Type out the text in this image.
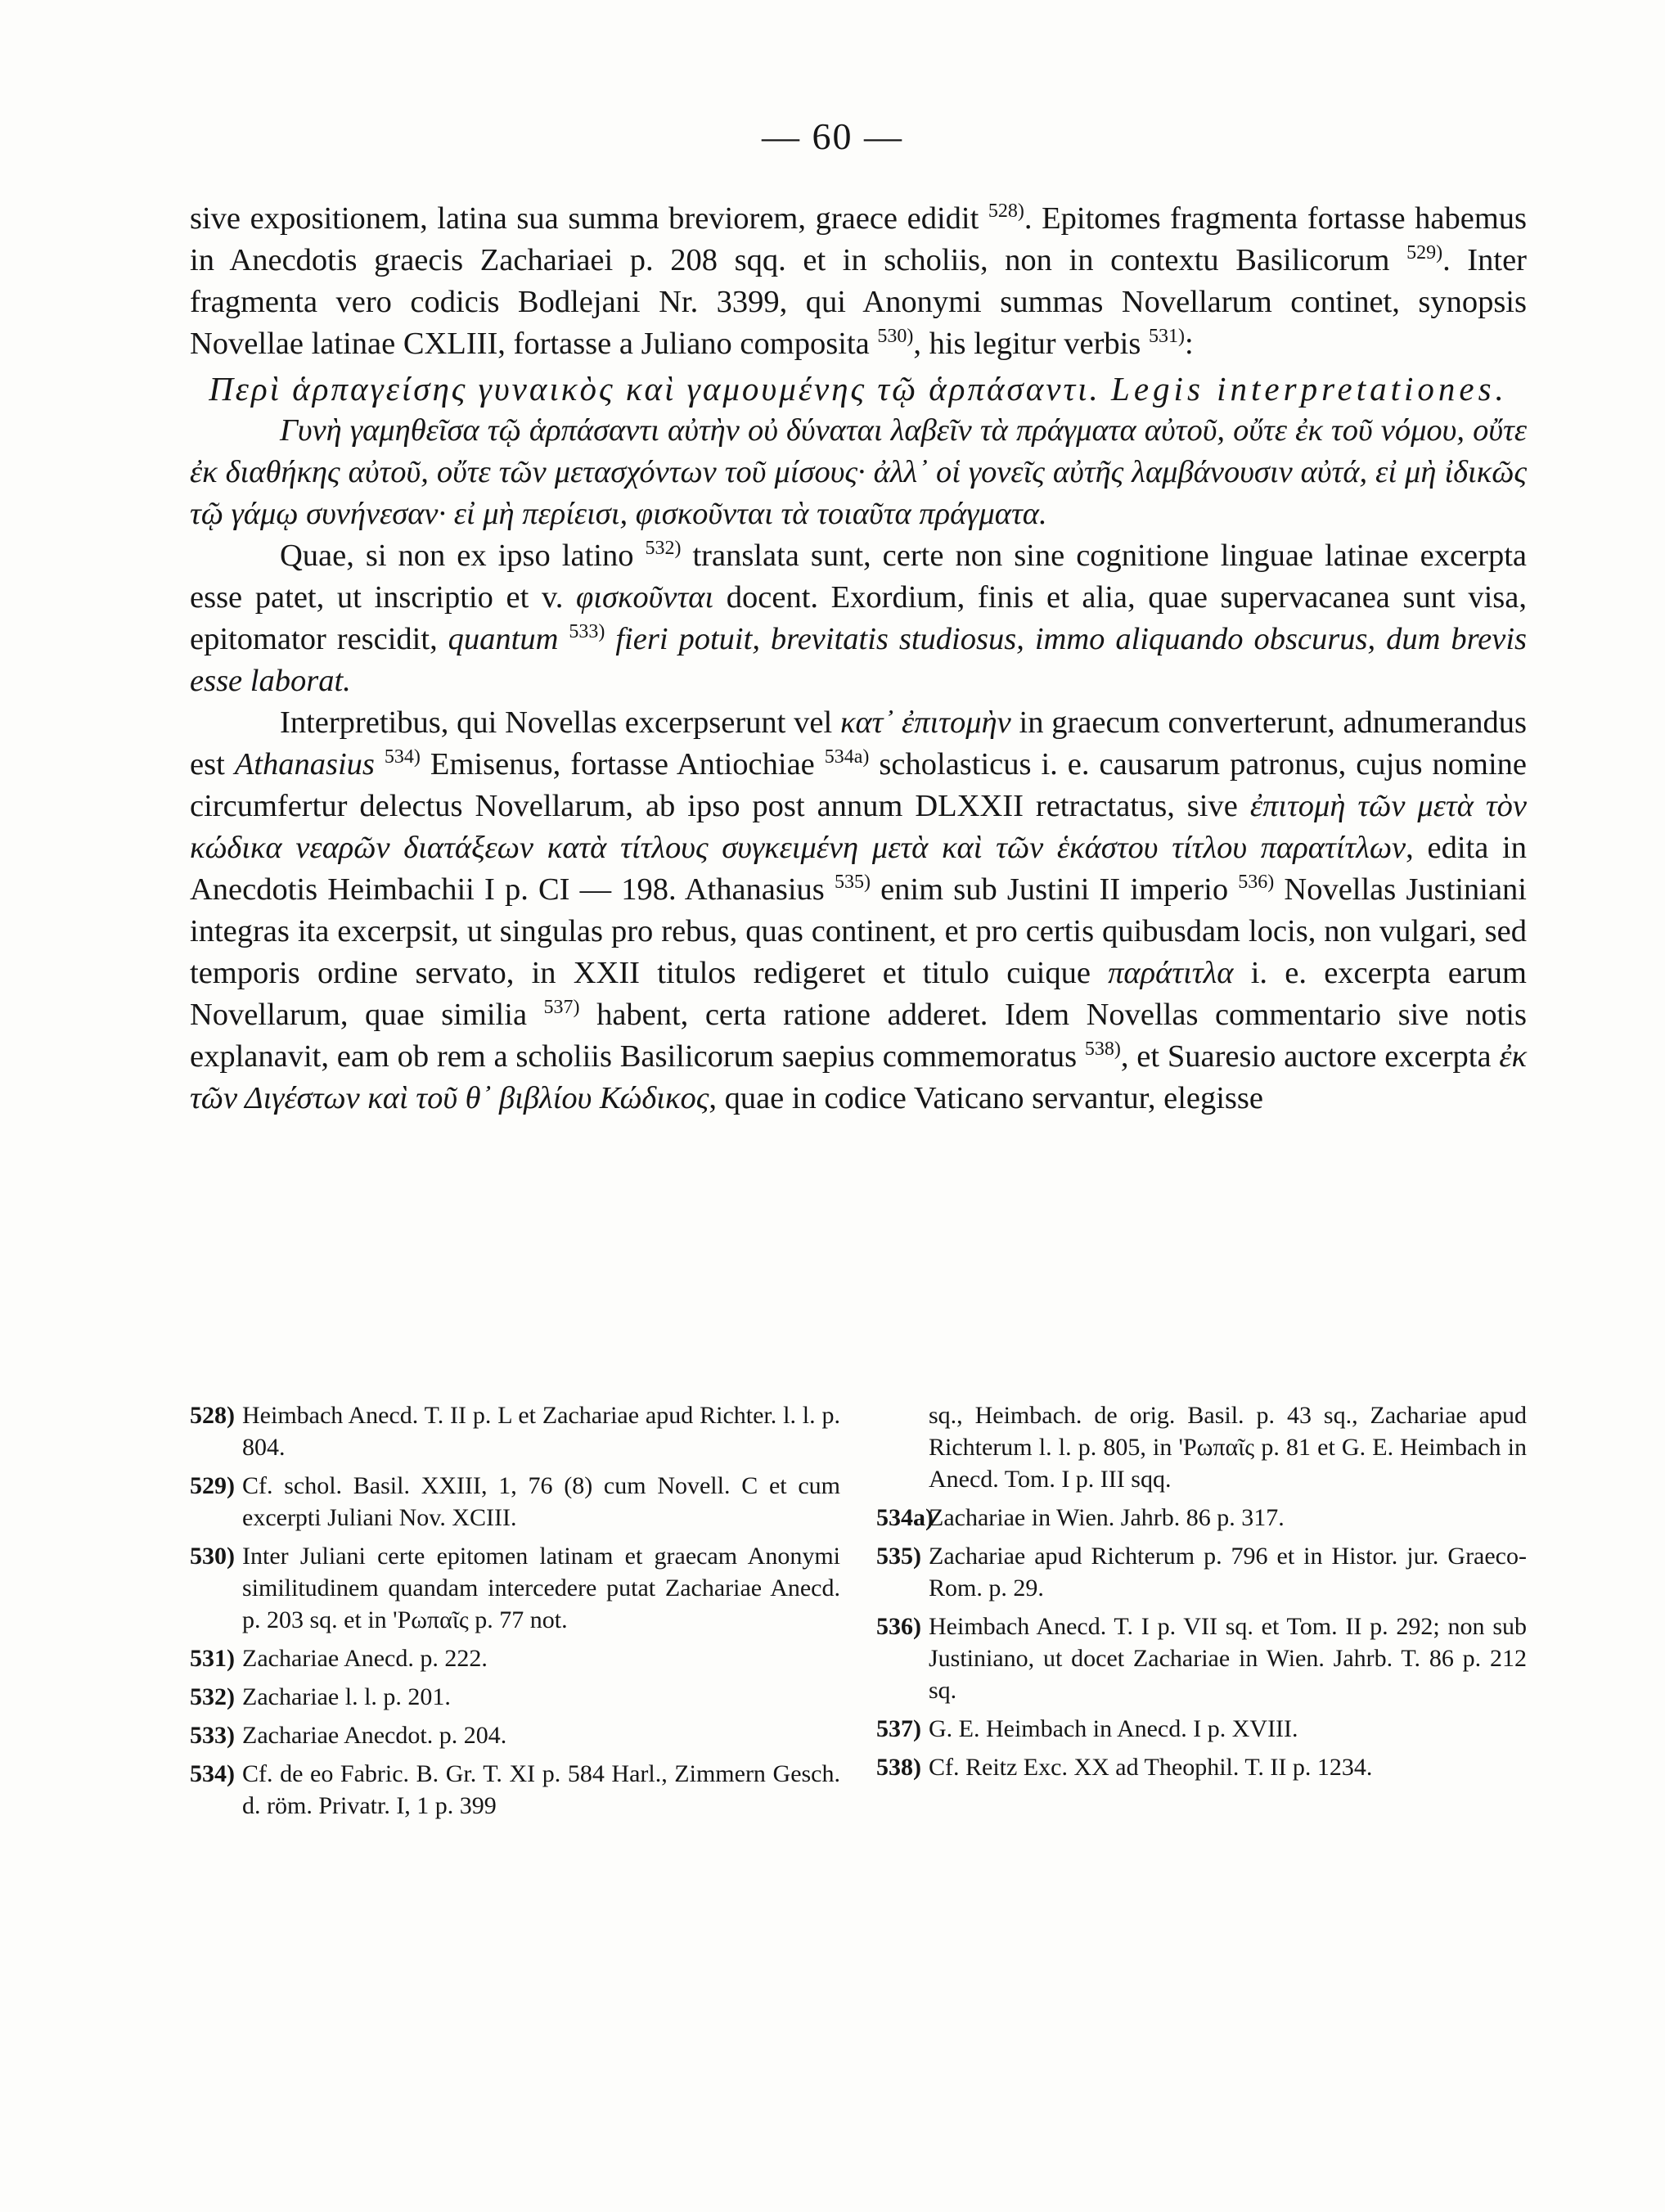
— 60 —

sive expositionem, latina sua summa breviorem, graece edidit $^{528)}$. Epitomes fragmenta fortasse habemus in Anecdotis graecis Zachariaei p. 208 sqq. et in scholiis, non in contextu Basilicorum $^{529)}$. Inter fragmenta vero codicis Bodlejani Nr. 3399, qui Anonymi summas Novellarum continet, synopsis Novellae latinae CXLIII, fortasse a Juliano composita $^{530)}$, his legitur verbis $^{531)}$:

Περὶ ἁρπαγείσης γυναικὸς καὶ γαμουμένης τῷ ἁρπάσαντι. Legis interpretationes.

Γυνὴ γαμηθεῖσα τῷ ἁρπάσαντι αὐτὴν οὐ δύναται λαβεῖν τὰ πράγματα αὐτοῦ, οὔτε ἐκ τοῦ νόμου, οὔτε ἐκ διαθήκης αὐτοῦ, οὔτε τῶν μετασχόντων τοῦ μίσους· ἀλλ᾽ οἱ γονεῖς αὐτῆς λαμβάνουσιν αὐτά, εἰ μὴ ἰδικῶς τῷ γάμῳ συνήνεσαν· εἰ μὴ περίεισι, φισκοῦνται τὰ τοιαῦτα πράγματα.

Quae, si non ex ipso latino $^{532)}$ translata sunt, certe non sine cognitione linguae latinae excerpta esse patet, ut inscriptio et v. φισκοῦνται docent. Exordium, finis et alia, quae supervacanea sunt visa, epitomator rescidit, quantum $^{533)}$ fieri potuit, brevitatis studiosus, immo aliquando obscurus, dum brevis esse laborat.

Interpretibus, qui Novellas excerpserunt vel κατ᾽ ἐπιτομὴν in graecum converterunt, adnumerandus est Athanasius $^{534)}$ Emisenus, fortasse Antiochiae $^{534a)}$ scholasticus i. e. causarum patronus, cujus nomine circumfertur delectus Novellarum, ab ipso post annum DLXXII retractatus, sive ἐπιτομὴ τῶν μετὰ τὸν κώδικα νεαρῶν διατάξεων κατὰ τίτλους συγκειμένη μετὰ καὶ τῶν ἑκάστου τίτλου παρατίτλων, edita in Anecdotis Heimbachii I p. CI — 198. Athanasius $^{535)}$ enim sub Justini II imperio $^{536)}$ Novellas Justiniani integras ita excerpsit, ut singulas pro rebus, quas continent, et pro certis quibusdam locis, non vulgari, sed temporis ordine servato, in XXII titulos redigeret et titulo cuique παράτιτλα i. e. excerpta earum Novellarum, quae similia $^{537)}$ habent, certa ratione adderet. Idem Novellas commentario sive notis explanavit, eam ob rem a scholiis Basilicorum saepius commemoratus $^{538)}$, et Suaresio auctore excerpta ἐκ τῶν Διγέστων καὶ τοῦ θ᾽ βιβλίου Κώδικος, quae in codice Vaticano servantur, elegisse

528) Heimbach Anecd. T. II p. L et Zachariae apud Richter. l. l. p. 804.
529) Cf. schol. Basil. XXIII, 1, 76 (8) cum Novell. C et cum excerpti Juliani Nov. XCIII.
530) Inter Juliani certe epitomen latinam et graecam Anonymi similitudinem quandam intercedere putat Zachariae Anecd. p. 203 sq. et in 'Ρωπαῖς p. 77 not.
531) Zachariae Anecd. p. 222.
532) Zachariae l. l. p. 201.
533) Zachariae Anecdot. p. 204.
534) Cf. de eo Fabric. B. Gr. T. XI p. 584 Harl., Zimmern Gesch. d. röm. Privatr. I, 1 p. 399
sq., Heimbach. de orig. Basil. p. 43 sq., Zachariae apud Richterum l. l. p. 805, in 'Ρωπαῖς p. 81 et G. E. Heimbach in Anecd. Tom. I p. III sqq.
534a)
Zachariae in Wien. Jahrb. 86 p. 317.
535) Zachariae apud Richterum p. 796 et in Histor. jur. Graeco-Rom. p. 29.
536) Heimbach Anecd. T. I p. VII sq. et Tom. II p. 292; non sub Justiniano, ut docet Zachariae in Wien. Jahrb. T. 86 p. 212 sq.
537) G. E. Heimbach in Anecd. I p. XVIII.
538) Cf. Reitz Exc. XX ad Theophil. T. II p. 1234.
